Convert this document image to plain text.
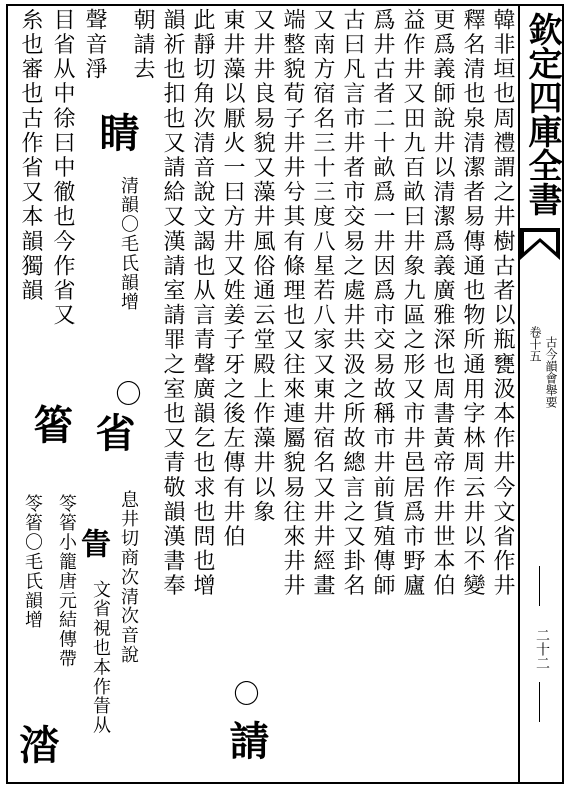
韓非垣也周禮謂之井樹古者以瓶甕汲本作井今文省作井
釋名清也泉清潔者易傳通也物所通用字林周云井以不變
更爲義師說井以清潔爲義廣雅深也周書黃帝作井世本伯
益作井又田九百畝曰井象九區之形又市井邑居爲市野廬
爲井古者二十畝爲一井因爲市交易故稱市井前貨殖傳師
古曰凡言市井者市交易之處井共汲之所故總言之又卦名
又南方宿名三十三度八星若八家又東井宿名又井井經畫
端整貌荀子井井兮其有條理也又往來連屬貌易往來井井
又井井良易貌又藻井風俗通云堂殿上作藻井以象
東井藻以厭火一曰方井又姓姜子牙之後左傳有井伯
〇
請
此靜切角次清音說文謁也从言青聲廣韻乞也求也問也增
韻祈也扣也又請給又漢請室請罪之室也又青敬韻漢書奉
朝請去
睛
清韻〇毛氏韻增
〇
省
息井切商次清次音說
聲音淨
眚
文省視也本作眚从
目省从中徐曰中徹也今作省又
箵
笭箵小籠唐元結傳帶
糸也審也古作省又本韻獨韻
笭箵〇毛氏韻增
涾
欽定四庫全書
古今韻會舉要
卷十五
二十二
